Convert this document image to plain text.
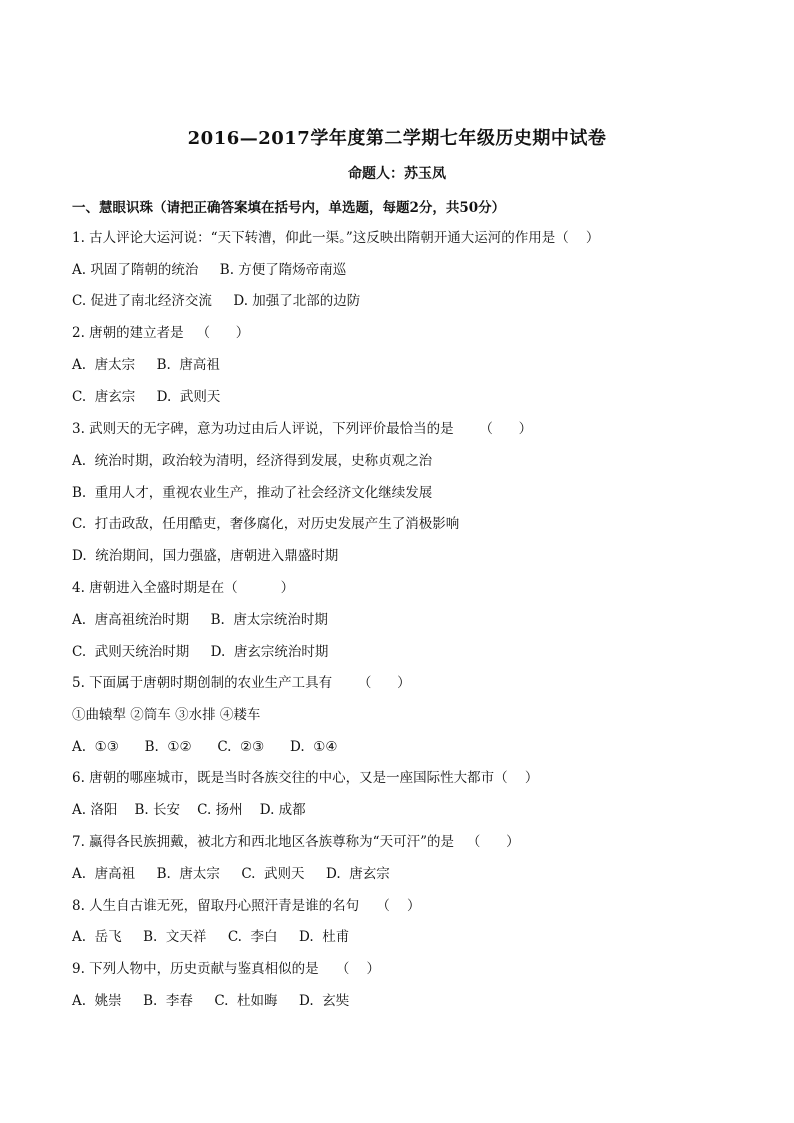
2016—2017学年度第二学期七年级历史期中试卷
命题人：苏玉凤
一、慧眼识珠（请把正确答案填在括号内，单选题，每题2分，共50分）
1. 古人评论大运河说：“天下转漕，仰此一渠。”这反映出隋朝开通大运河的作用是（    ）
A. 巩固了隋朝的统治     B. 方便了隋炀帝南巡
C. 促进了南北经济交流     D. 加强了北部的边防
2. 唐朝的建立者是   （      ）
A.  唐太宗     B.  唐高祖
C.  唐玄宗     D.  武则天
3. 武则天的无字碑，意为功过由后人评说，下列评价最恰当的是      （      ）
A.  统治时期，政治较为清明，经济得到发展，史称贞观之治
B.  重用人才，重视农业生产，推动了社会经济文化继续发展
C.  打击政敌，任用酷吏，奢侈腐化，对历史发展产生了消极影响
D.  统治期间，国力强盛，唐朝进入鼎盛时期
4. 唐朝进入全盛时期是在（          ）
A.  唐高祖统治时期     B.  唐太宗统治时期
C.  武则天统治时期     D.  唐玄宗统治时期
5. 下面属于唐朝时期创制的农业生产工具有      （      ）
①曲辕犁 ②筒车 ③水排 ④耧车
A.  ①③      B.  ①②      C.  ②③      D.  ①④
6. 唐朝的哪座城市，既是当时各族交往的中心，又是一座国际性大都市（    ）
A. 洛阳    B. 长安    C. 扬州    D. 成都
7. 赢得各民族拥戴，被北方和西北地区各族尊称为“天可汗”的是   （      ）
A.  唐高祖     B.  唐太宗     C.  武则天     D.  唐玄宗
8. 人生自古谁无死，留取丹心照汗青是谁的名句    （    ）
A.  岳飞     B.  文天祥     C.  李白     D.  杜甫
9. 下列人物中，历史贡献与鉴真相似的是    （    ）
A.  姚崇     B.  李春     C.  杜如晦     D.  玄奘
